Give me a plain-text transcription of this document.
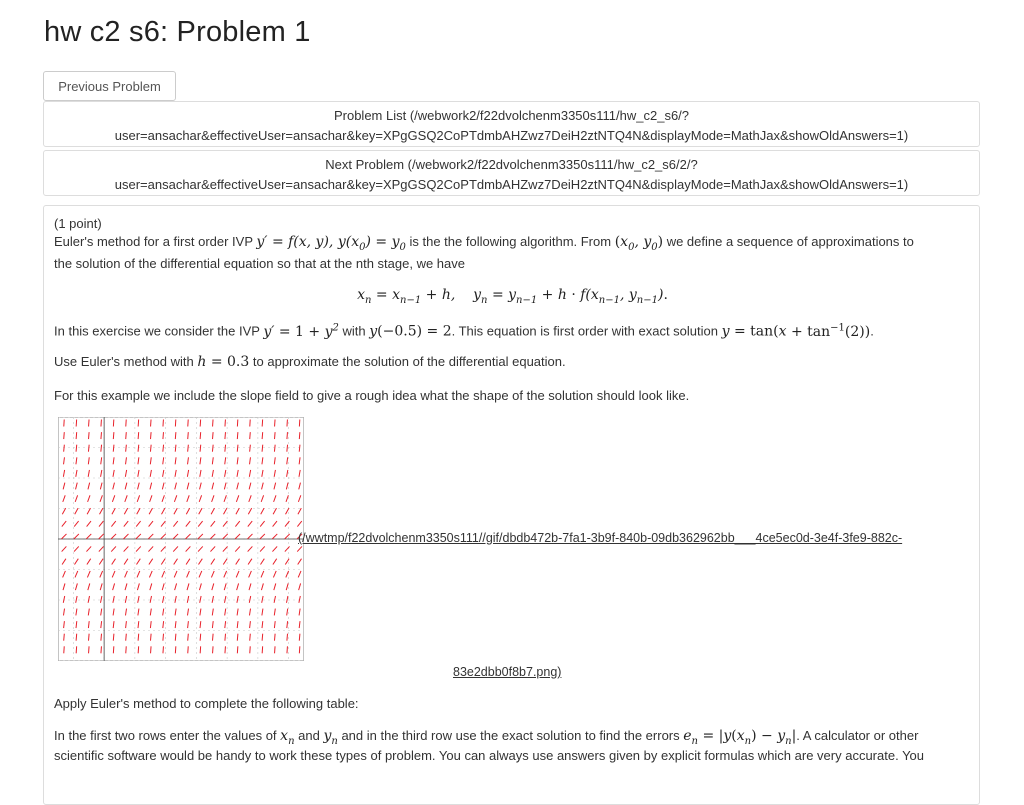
hw c2 s6: Problem 1
Previous Problem
Problem List (/webwork2/f22dvolchenm3350s111/hw_c2_s6/?
user=ansachar&effectiveUser=ansachar&key=XPgGSQ2CoPTdmbAHZwz7DeiH2ztNTQ4N&displayMode=MathJax&showOldAnswers=1)
Next Problem (/webwork2/f22dvolchenm3350s111/hw_c2_s6/2/?
user=ansachar&effectiveUser=ansachar&key=XPgGSQ2CoPTdmbAHZwz7DeiH2ztNTQ4N&displayMode=MathJax&showOldAnswers=1)
(1 point)
Euler's method for a first order IVP y′ = f(x, y), $y(x_0) = y_0$ is the the following algorithm. From ($x_0$, $y_0$) we define a sequence of approximations to
the solution of the differential equation so that at the nth stage, we have
$x_n = x_{n-1} + h$,    $y_n = y_{n-1} + h \cdot f(x_{n-1}$, $y_{n-1}$).
In this exercise we consider the IVP $y' = 1 + y^2$ with y(−0.5) = 2. This equation is first order with exact solution $y = \tan(x + \tan^{-1}(2))$.
Use Euler's method with h = 0.3 to approximate the solution of the differential equation.
For this example we include the slope field to give a rough idea what the shape of the solution should look like.
(/wwtmp/f22dvolchenm3350s111//gif/dbdb472b-7fa1-3b9f-840b-09db362962bb___4ce5ec0d-3e4f-3fe9-882c-
83e2dbb0f8b7.png)
Apply Euler's method to complete the following table:
In the first two rows enter the values of $x_n$ and $y_n$ and in the third row use the exact solution to find the errors $e_n = |y(x_n) - y_n|$. A calculator or other
scientific software would be handy to work these types of problem. You can always use answers given by explicit formulas which are very accurate. You
